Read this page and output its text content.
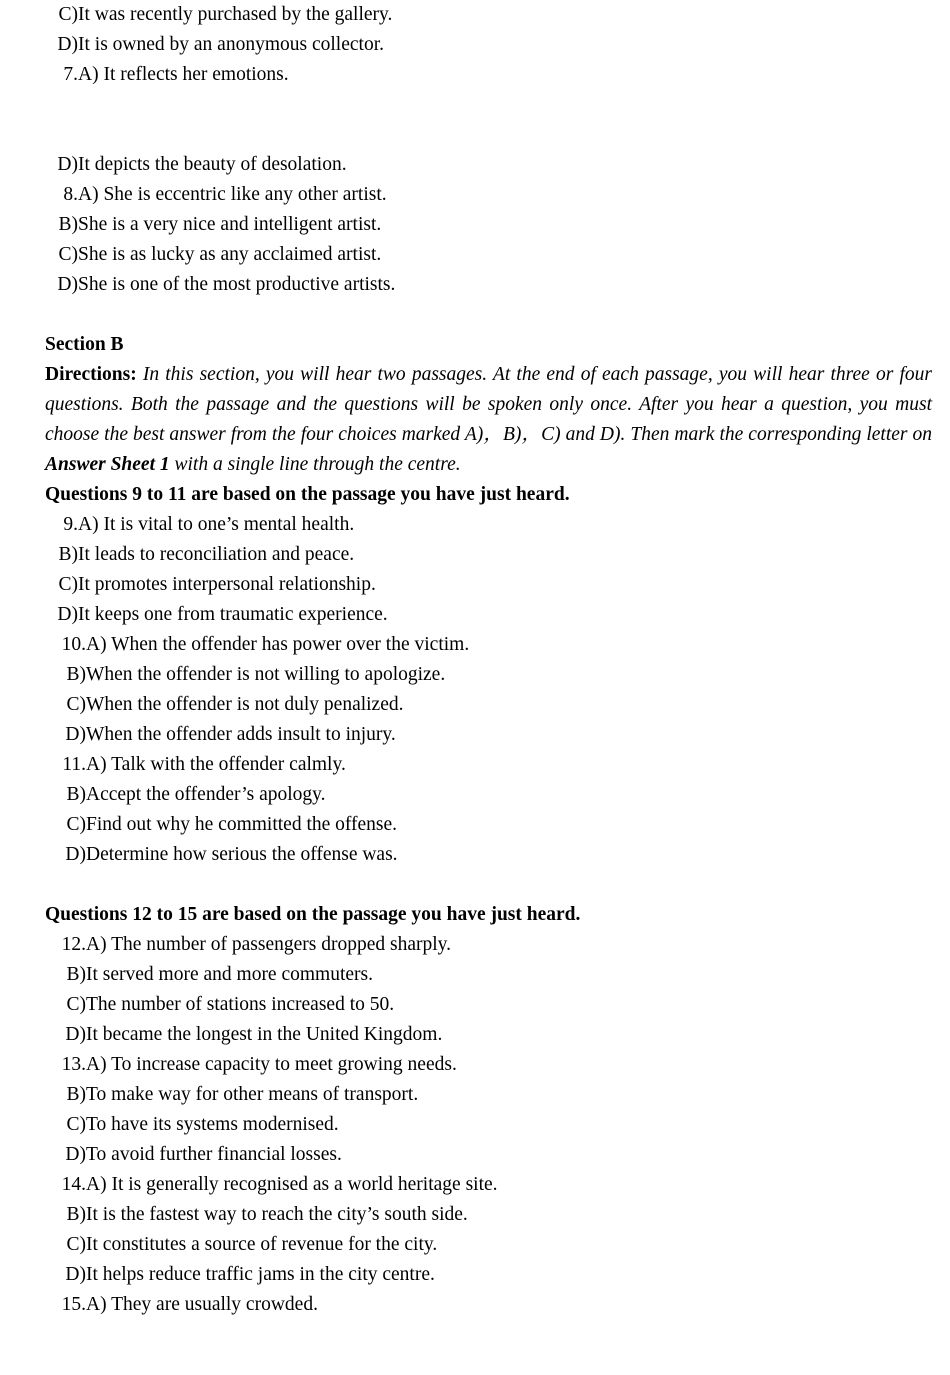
C) It was recently purchased by the gallery.
D) It is owned by an anonymous collector.
7. A) It reflects her emotions.
D) It depicts the beauty of desolation.
8. A) She is eccentric like any other artist.
B) She is a very nice and intelligent artist.
C) She is as lucky as any acclaimed artist.
D) She is one of the most productive artists.
Section B

Directions: In this section, you will hear two passages. At the end of each passage, you will hear three or four questions. Both the passage and the questions will be spoken only once. After you hear a question, you must choose the best answer from the four choices marked A)，B)，C) and D). Then mark the corresponding letter on Answer Sheet 1 with a single line through the centre.

Questions 9 to 11 are based on the passage you have just heard.
9. A) It is vital to one’s mental health.
B) It leads to reconciliation and peace.
C) It promotes interpersonal relationship.
D) It keeps one from traumatic experience.
10. A) When the offender has power over the victim.
B) When the offender is not willing to apologize.
C) When the offender is not duly penalized.
D) When the offender adds insult to injury.
11. A) Talk with the offender calmly.
B) Accept the offender’s apology.
C) Find out why he committed the offense.
D) Determine how serious the offense was.
Questions 12 to 15 are based on the passage you have just heard.
12. A) The number of passengers dropped sharply.
B) It served more and more commuters.
C) The number of stations increased to 50.
D) It became the longest in the United Kingdom.
13. A) To increase capacity to meet growing needs.
B) To make way for other means of transport.
C) To have its systems modernised.
D) To avoid further financial losses.
14. A) It is generally recognised as a world heritage site.
B) It is the fastest way to reach the city’s south side.
C) It constitutes a source of revenue for the city.
D) It helps reduce traffic jams in the city centre.
15. A) They are usually crowded.
